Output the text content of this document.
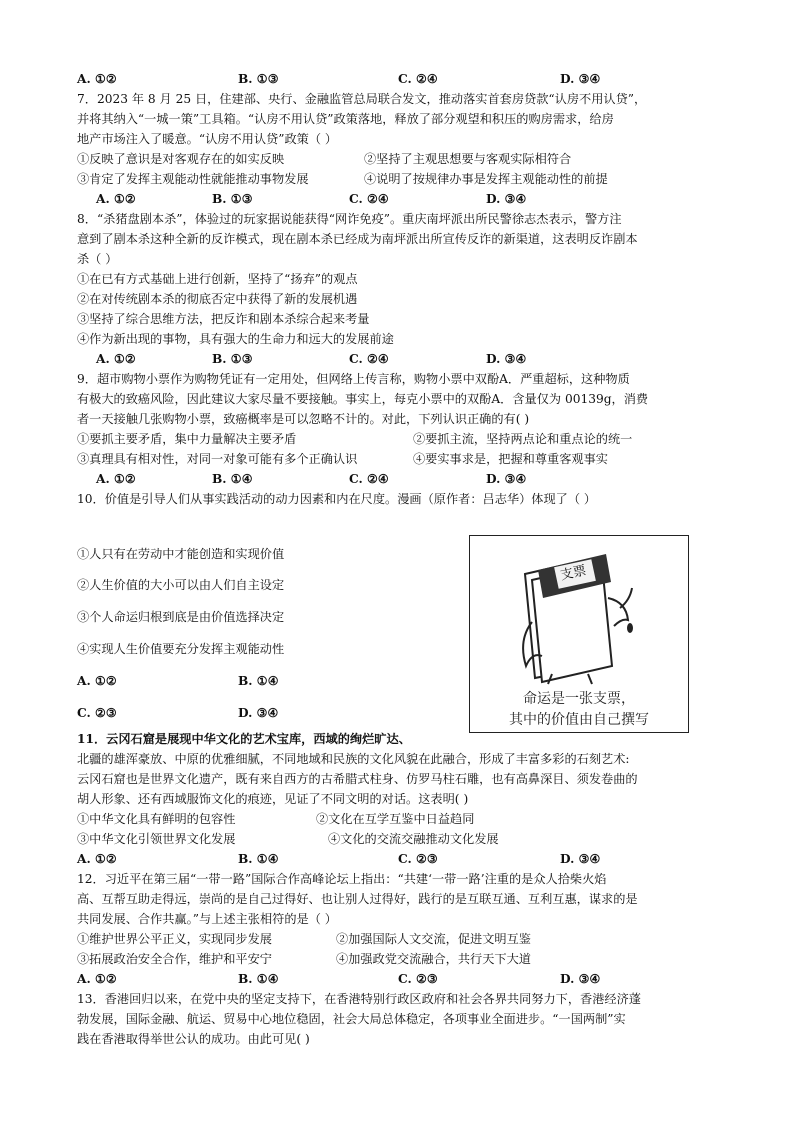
A. ①②	B. ①③	C. ②④	D. ③④
7．2023 年 8 月 25 日，住建部、央行、金融监管总局联合发文，推动落实首套房贷款“认房不用认贷”，
并将其纳入“一城一策”工具箱。“认房不用认贷”政策落地，释放了部分观望和积压的购房需求，给房
地产市场注入了暖意。“认房不用认贷”政策（ ）
①反映了意识是对客观存在的如实反映	②坚持了主观思想要与客观实际相符合
③肯定了发挥主观能动性就能推动事物发展	④说明了按规律办事是发挥主观能动性的前提
A. ①②	B. ①③	C. ②④	D. ③④
8．“杀猪盘剧本杀”，体验过的玩家据说能获得“网诈免疫”。重庆南坪派出所民警徐志杰表示，警方注
意到了剧本杀这种全新的反诈模式，现在剧本杀已经成为南坪派出所宣传反诈的新渠道，这表明反诈剧本
杀（ ）
①在已有方式基础上进行创新，坚持了“扬弃”的观点
②在对传统剧本杀的彻底否定中获得了新的发展机遇
③坚持了综合思维方法，把反诈和剧本杀综合起来考量
④作为新出现的事物，具有强大的生命力和远大的发展前途
A. ①②	B. ①③	C. ②④	D. ③④
9．超市购物小票作为购物凭证有一定用处，但网络上传言称，购物小票中双酚A．严重超标，这种物质
有极大的致癌风险，因此建议大家尽量不要接触。事实上，每克小票中的双酚A．含量仅为 00139g，消费
者一天接触几张购物小票，致癌概率是可以忽略不计的。对此，下列认识正确的有( )
①要抓主要矛盾，集中力量解决主要矛盾	②要抓主流，坚持两点论和重点论的统一
③真理具有相对性，对同一对象可能有多个正确认识	④要实事求是，把握和尊重客观事实
A. ①②	B. ①④	C. ②④	D. ③④
10．价值是引导人们从事实践活动的动力因素和内在尺度。漫画（原作者：吕志华）体现了（ ）
①人只有在劳动中才能创造和实现价值
②人生价值的大小可以由人们自主设定
③个人命运归根到底是由价值选择决定
④实现人生价值要充分发挥主观能动性
A. ①②	B. ①④
C. ②③	D. ③④
支票
命运是一张支票，
其中的价值由自己撰写
11．云冈石窟是展现中华文化的艺术宝库，西域的绚烂旷达、
北疆的雄浑豪放、中原的优雅细腻，不同地域和民族的文化风貌在此融合，形成了丰富多彩的石刻艺术:
云冈石窟也是世界文化遗产，既有来自西方的古希腊式柱身、仿罗马柱石雕，也有高鼻深目、须发卷曲的
胡人形象、还有西域服饰文化的痕迹，见证了不同文明的对话。这表明( )
①中华文化具有鲜明的包容性	②文化在互学互鉴中日益趋同
③中华文化引领世界文化发展	④文化的交流交融推动文化发展
A. ①②	B. ①④	C. ②③	D. ③④
12．习近平在第三届“一带一路”国际合作高峰论坛上指出：“共建‘一带一路’注重的是众人拾柴火焰
高、互帮互助走得远，崇尚的是自己过得好、也让别人过得好，践行的是互联互通、互利互惠，谋求的是
共同发展、合作共赢。”与上述主张相符的是（ ）
①维护世界公平正义，实现同步发展	②加强国际人文交流，促进文明互鉴
③拓展政治安全合作，维护和平安宁	④加强政党交流融合，共行天下大道
A. ①②	B. ①④	C. ②③	D. ③④
13．香港回归以来，在党中央的坚定支持下，在香港特别行政区政府和社会各界共同努力下，香港经济蓬
勃发展，国际金融、航运、贸易中心地位稳固，社会大局总体稳定，各项事业全面进步。“一国两制”实
践在香港取得举世公认的成功。由此可见( )
